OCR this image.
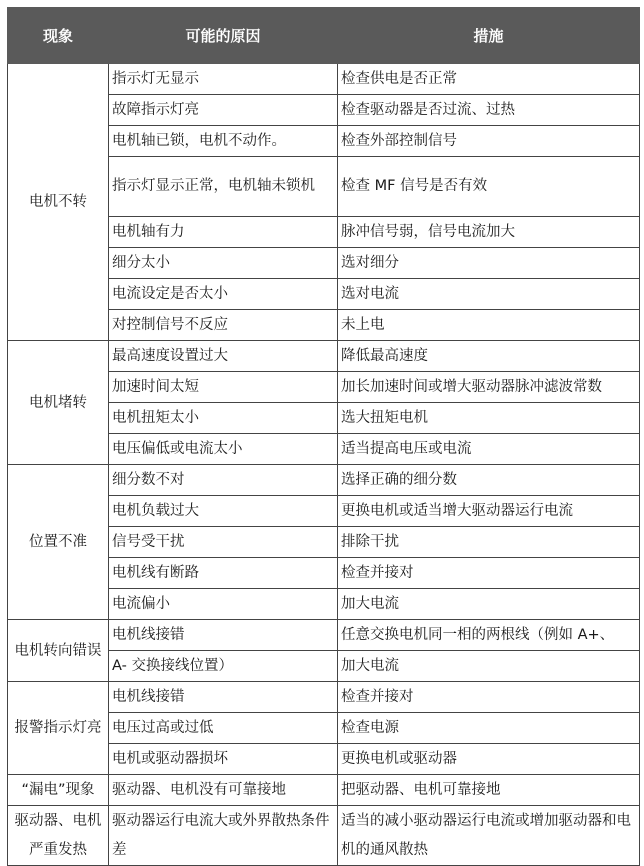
现象	可能的原因	措施
电机不转	指示灯无显示	检查供电是否正常
	故障指示灯亮	检查驱动器是否过流、过热
	电机轴已锁，电机不动作。	检查外部控制信号
	指示灯显示正常，电机轴未锁机	检查 MF 信号是否有效
	电机轴有力	脉冲信号弱，信号电流加大
	细分太小	选对细分
	电流设定是否太小	选对电流
	对控制信号不反应	未上电
电机堵转	最高速度设置过大	降低最高速度
	加速时间太短	加长加速时间或增大驱动器脉冲滤波常数
	电机扭矩太小	选大扭矩电机
	电压偏低或电流太小	适当提高电压或电流
位置不准	细分数不对	选择正确的细分数
	电机负载过大	更换电机或适当增大驱动器运行电流
	信号受干扰	排除干扰
	电机线有断路	检查并接对
	电流偏小	加大电流
电机转向错误	电机线接错	任意交换电机同一相的两根线（例如 A+、
	A- 交换接线位置）	加大电流
报警指示灯亮	电机线接错	检查并接对
	电压过高或过低	检查电源
	电机或驱动器损坏	更换电机或驱动器
“漏电”现象	驱动器、电机没有可靠接地	把驱动器、电机可靠接地
驱动器、电机严重发热	驱动器运行电流大或外界散热条件差	适当的减小驱动器运行电流或增加驱动器和电机的通风散热
